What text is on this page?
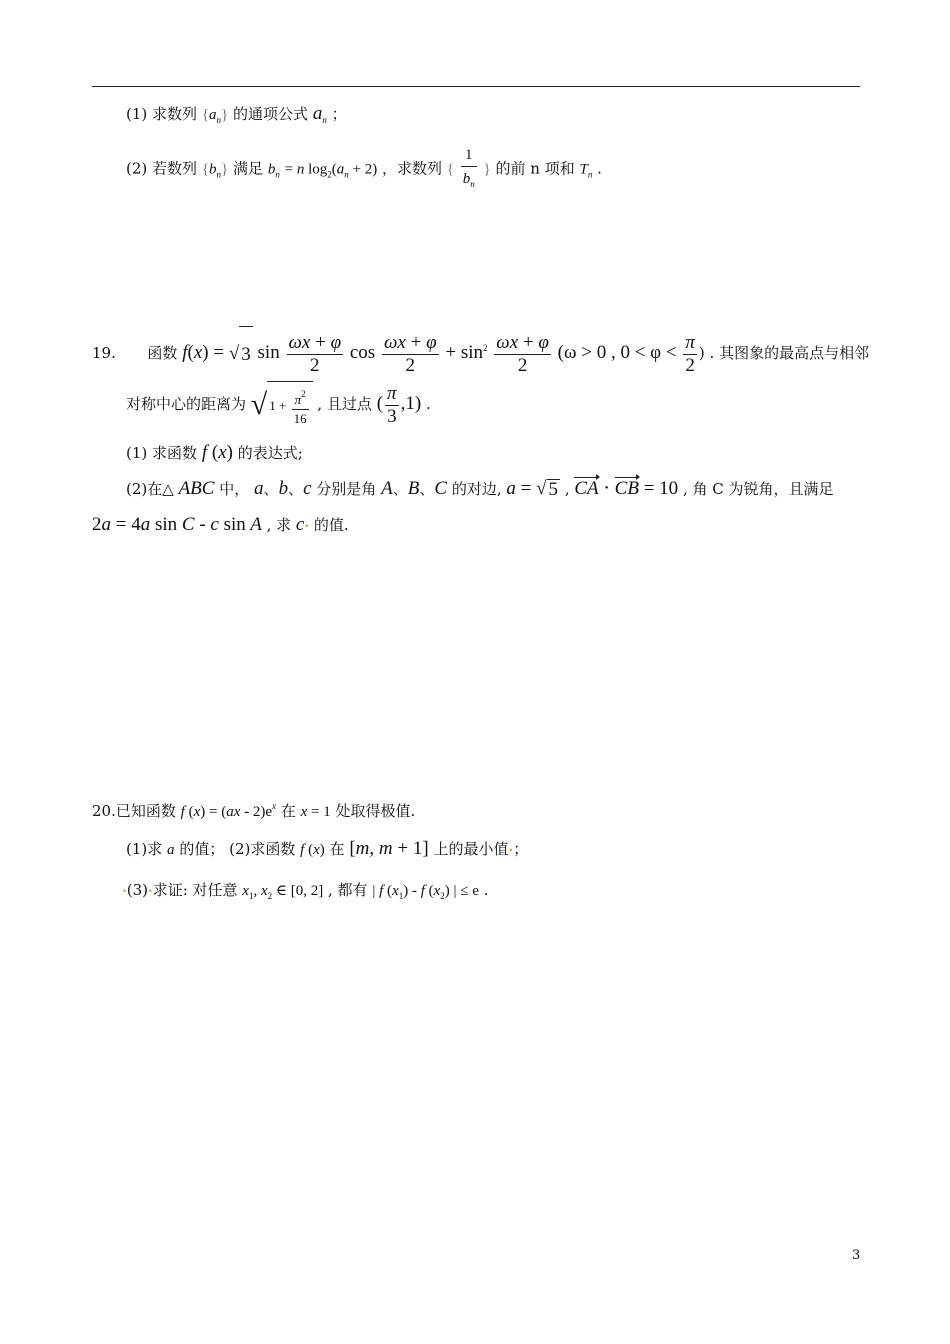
(1) 求数列 $\{a_n\}$ 的通项公式 $a_n$ ；
(2) 若数列 $\{b_n\}$ 满足 $b_n = n$ $\log_2(a_n + 2)$ ，求数列 { $\frac{1}{b_n}$ } 的前 n 项和 $T_n$ .
19. 函数 f(x) = √ 3 $\sin \frac{\omega x + \varphi}{2}$ $\cos \frac{\omega x + \varphi}{2} + \sin^2 \frac{\omega x + \varphi}{2} (\omega > 0$ , $0 < \varphi < \frac{\pi}{2}$ ) . 其图象的最高点与相邻
对称中心的距离为 √ $1 + \frac{\pi^2}{16}$ , 且过点 ( $\frac{\pi}{3} ,1$) .
(1) 求函数 f (x) 的表达式;
(2)在△ ABC 中， a、b、c 分别是角 A、B、C 的对边, a = √ 5 , CA ⋅ CB = 10 , 角 C 为锐角，且满足
2a = 4a sin C - c sin A , 求 c• 的值.
20.已知函数 f $(x) = (ax - 2)e^x$ 在 x = 1 处取得极值.
(1)求 a 的值； (2)求函数 f (x) 在 [m, m + 1] 上的最小值•；
•(3)•求证: 对任意 $x_1$, $x_2$ ∈ [0, 2] , 都有 | f $(x_1)$ - f $(x_2)$ | ≤ e .
3
